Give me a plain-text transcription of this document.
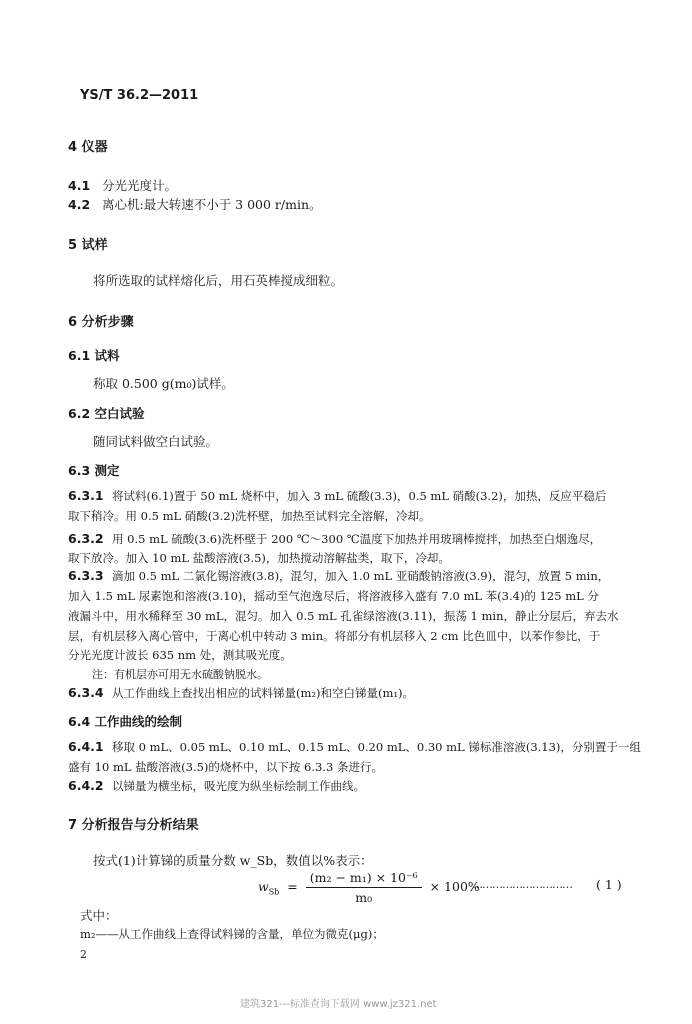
YS/T 36.2—2011
4 仪器
4.1 分光光度计。
4.2 离心机:最大转速不小于 3 000 r/min。
5 试样
将所选取的试样熔化后，用石英棒搅成细粒。
6 分析步骤
6.1 试料
称取 0.500 g(m₀)试样。
6.2 空白试验
随同试料做空白试验。
6.3 测定
6.3.1 将试料(6.1)置于 50 mL 烧杯中，加入 3 mL 硫酸(3.3)，0.5 mL 硝酸(3.2)，加热，反应平稳后
取下稍冷。用 0.5 mL 硝酸(3.2)洗杯壁，加热至试料完全溶解，冷却。
6.3.2 用 0.5 mL 硫酸(3.6)洗杯壁于 200 ℃～300 ℃温度下加热并用玻璃棒搅拌，加热至白烟逸尽，
取下放冷。加入 10 mL 盐酸溶液(3.5)，加热搅动溶解盐类，取下，冷却。
6.3.3 滴加 0.5 mL 二氯化锡溶液(3.8)，混匀，加入 1.0 mL 亚硝酸钠溶液(3.9)，混匀，放置 5 min，
加入 1.5 mL 尿素饱和溶液(3.10)，摇动至气泡逸尽后，将溶液移入盛有 7.0 mL 苯(3.4)的 125 mL 分
液漏斗中，用水稀释至 30 mL，混匀。加入 0.5 mL 孔雀绿溶液(3.11)，振荡 1 min，静止分层后，弃去水
层，有机层移入离心管中，于离心机中转动 3 min。将部分有机层移入 2 cm 比色皿中，以苯作参比，于
分光光度计波长 635 nm 处，测其吸光度。
注：有机层亦可用无水硫酸钠脱水。
6.3.4 从工作曲线上查找出相应的试料锑量(m₂)和空白锑量(m₁)。
6.4 工作曲线的绘制
6.4.1 移取 0 mL、0.05 mL、0.10 mL、0.15 mL、0.20 mL、0.30 mL 锑标准溶液(3.13)，分别置于一组
盛有 10 mL 盐酸溶液(3.5)的烧杯中，以下按 6.3.3 条进行。
6.4.2 以锑量为横坐标，吸光度为纵坐标绘制工作曲线。
7 分析报告与分析结果
按式(1)计算锑的质量分数 w_Sb，数值以%表示：
$w_{Sb} = \frac{\text{(m₂ − m₁) × 10⁻⁶}}{\text{m₀}} \times 100\%$
………………………… ( 1 )
式中：
m₂——从工作曲线上查得试料锑的含量，单位为微克(μg)；
2
建筑321---标准查询下载网 www.jz321.net
